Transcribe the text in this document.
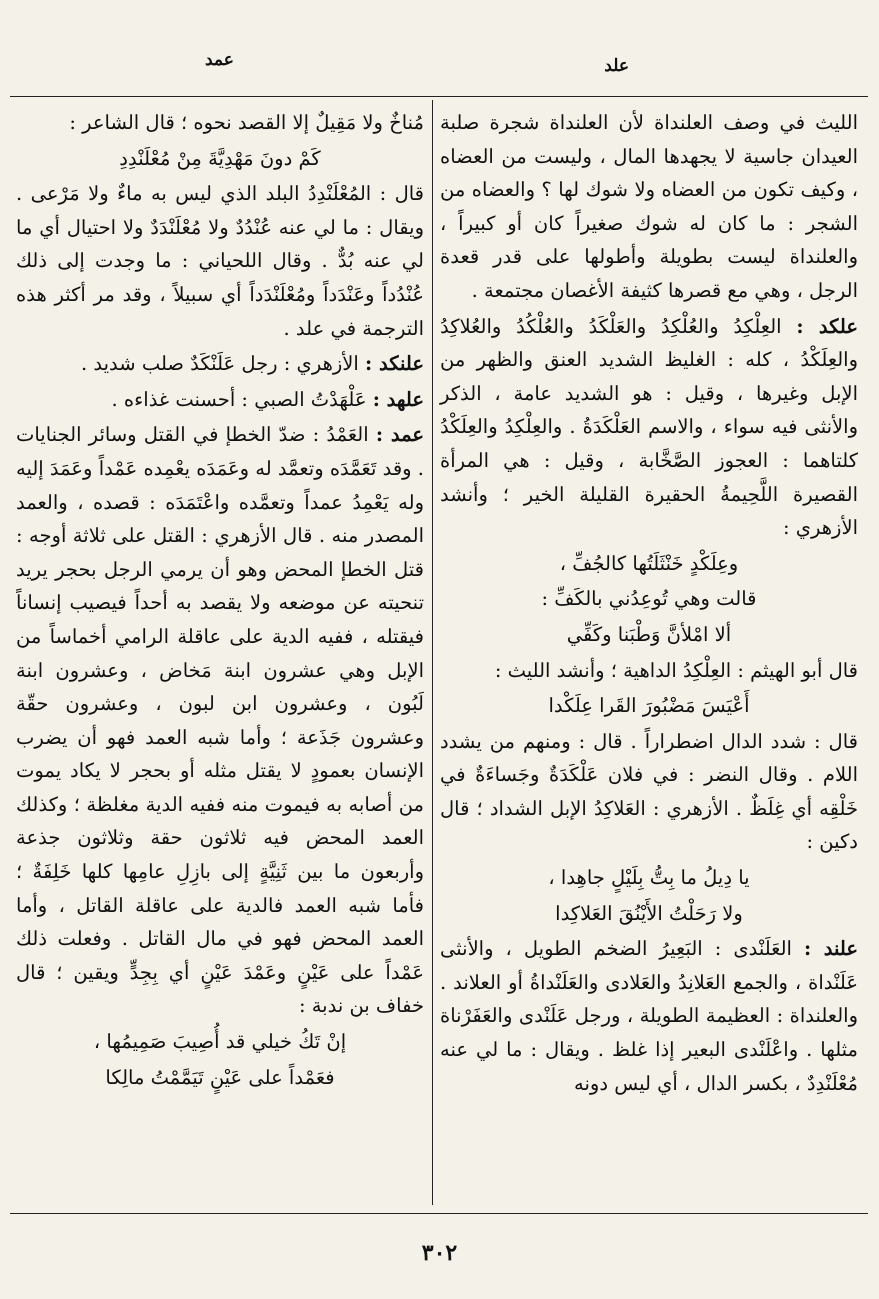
علد
عمد

الليث في وصف العلنداة لأن العلنداة شجرة صلبة العيدان جاسية لا يجهدها المال ، وليست من العضاه ، وكيف تكون من العضاه ولا شوك لها ؟ والعضاه من الشجر : ما كان له شوك صغيراً كان أو كبيراً ، والعلنداة ليست بطويلة وأطولها على قدر قعدة الرجل ، وهي مع قصرها كثيفة الأغصان مجتمعة .

علكد : العِلْكِدُ والعُلْكِدُ والعَلْكَدُ والعُلْكُدُ والعُلاكِدُ والعِلَكْدُ ، كله : الغليظ الشديد العنق والظهر من الإبل وغيرها ، وقيل : هو الشديد عامة ، الذكر والأنثى فيه سواء ، والاسم العَلْكَدَةُ . والعِلْكِدُ والعِلَكْدُ كلتاهما : العجوز الصَّخَّابة ، وقيل : هي المرأة القصيرة اللَّحِيمةُ الحقيرة القليلة الخير ؛ وأنشد الأزهري :

وعِلَكْدٍ خَنْثَلَتُها كالجُفِّ ،

قالت وهي تُوعِدُني بالكَفِّ :

ألا امْلأنَّ وَطْبَنا وكَفِّي

قال أبو الهيثم : العِلْكِدُ الداهية ؛ وأنشد الليث :

أَعْيَسَ مَضْبُورَ القَرا عِلَكْدا

قال : شدد الدال اضطراراً . قال : ومنهم من يشدد اللام . وقال النضر : في فلان عَلْكَدَةٌ وجَساءَةٌ في خَلْقِه أي غِلَظٌ . الأزهري : العَلاكِدُ الإبل الشداد ؛ قال دكين :

يا دِيلُ ما بِتُّ بِلَيْلٍ جاهِدا ،

ولا رَحَلْتُ الأَيْنُقَ العَلاكِدا

علند : العَلَنْدى : البَعِيرُ الضخم الطويل ، والأنثى عَلَنْداة ، والجمع العَلانِدُ والعَلادى والعَلَنْداةُ أو العلاند . والعلنداة : العظيمة الطويلة ، ورجل عَلَنْدى والعَفَرْناة مثلها . واعْلَنْدى البعير إذا غلظ . ويقال : ما لي عنه مُعْلَنْدِدٌ ، بكسر الدال ، أي ليس دونه

مُناخٌ ولا مَقِيلٌ إلا القصد نحوه ؛ قال الشاعر :

كَمْ دونَ مَهْدِيَّةَ مِنْ مُعْلَنْدِدِ

قال : المُعْلَنْدِدُ البلد الذي ليس به ماءٌ ولا مَرْعى . ويقال : ما لي عنه عُنْدُدٌ ولا مُعْلَنْدَدٌ ولا احتيال أي ما لي عنه بُدٌّ . وقال اللحياني : ما وجدت إلى ذلك عُنْدُداً وعَنْدَداً ومُعْلَنْدَداً أي سبيلاً ، وقد مر أكثر هذه الترجمة في علد .

علنكد : الأزهري : رجل عَلَنْكَدٌ صلب شديد .

علهد : عَلْهَدْتُ الصبي : أحسنت غذاءه .

عمد : العَمْدُ : ضدّ الخطإ في القتل وسائر الجنايات . وقد تَعَمَّدَه وتعمَّد له وعَمَدَه يعْمِده عَمْداً وعَمَدَ إليه وله يَعْمِدُ عمداً وتعمَّده واعْتَمَدَه : قصده ، والعمد المصدر منه . قال الأزهري : القتل على ثلاثة أوجه : قتل الخطإ المحض وهو أن يرمي الرجل بحجر يريد تنحيته عن موضعه ولا يقصد به أحداً فيصيب إنساناً فيقتله ، ففيه الدية على عاقلة الرامي أخماساً من الإبل وهي عشرون ابنة مَخاض ، وعشرون ابنة لَبُون ، وعشرون ابن لبون ، وعشرون حقّة وعشرون جَذَعة ؛ وأما شبه العمد فهو أن يضرب الإنسان بعمودٍ لا يقتل مثله أو بحجر لا يكاد يموت من أصابه به فيموت منه ففيه الدية مغلظة ؛ وكذلك العمد المحض فيه ثلاثون حقة وثلاثون جذعة وأربعون ما بين ثَنِيَّةٍ إلى بازِلِ عامِها كلها خَلِفَةٌ ؛ فأما شبه العمد فالدية على عاقلة القاتل ، وأما العمد المحض فهو في مال القاتل . وفعلت ذلك عَمْداً على عَيْنٍ وعَمْدَ عَيْنٍ أي بِجِدٍّ ويقين ؛ قال خفاف بن ندبة :

إنْ تَكُ خيلي قد أُصِيبَ صَمِيمُها ،

فعَمْداً على عَيْنٍ تَيَمَّمْتُ مالِكا

٣٠٢
